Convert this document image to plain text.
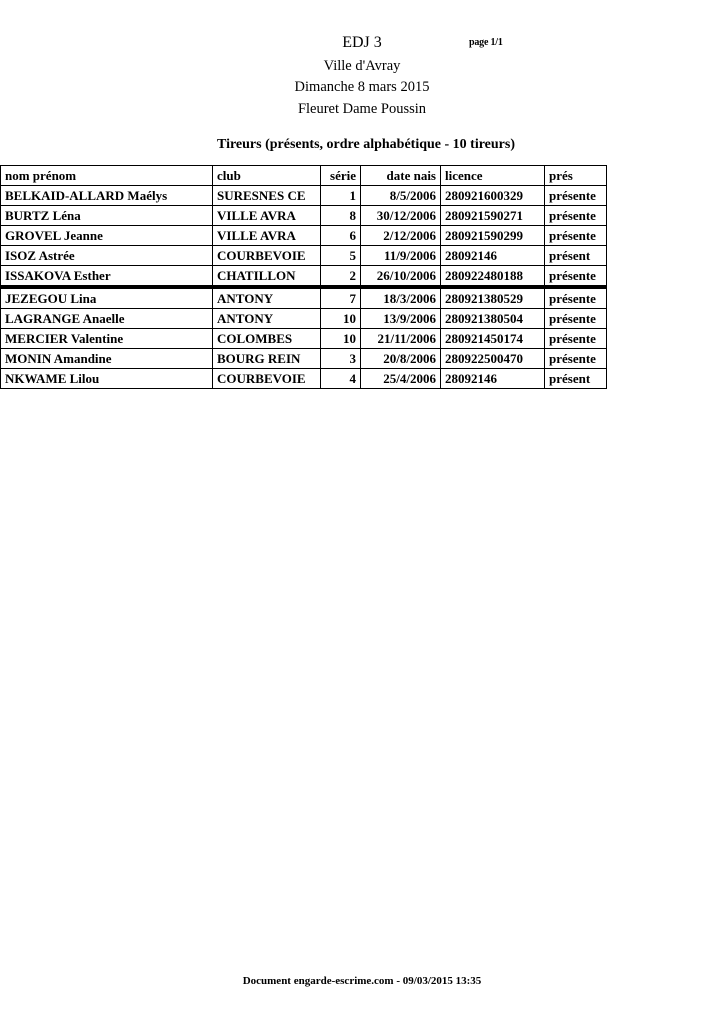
page 1/1
EDJ 3
Ville d'Avray
Dimanche 8 mars 2015
Fleuret Dame Poussin
Tireurs (présents, ordre alphabétique - 10 tireurs)
nom prénom	club	série	date nais	licence	prés
BELKAID-ALLARD Maélys	SURESNES CE	1	8/5/2006	280921600329	présente
BURTZ Léna	VILLE AVRA	8	30/12/2006	280921590271	présente
GROVEL Jeanne	VILLE AVRA	6	2/12/2006	280921590299	présente
ISOZ Astrée	COURBEVOIE	5	11/9/2006	28092146	présent
ISSAKOVA Esther	CHATILLON	2	26/10/2006	280922480188	présente
JEZEGOU Lina	ANTONY	7	18/3/2006	280921380529	présente
LAGRANGE Anaelle	ANTONY	10	13/9/2006	280921380504	présente
MERCIER Valentine	COLOMBES	10	21/11/2006	280921450174	présente
MONIN Amandine	BOURG REIN	3	20/8/2006	280922500470	présente
NKWAME Lilou	COURBEVOIE	4	25/4/2006	28092146	présent
Document engarde-escrime.com - 09/03/2015 13:35
